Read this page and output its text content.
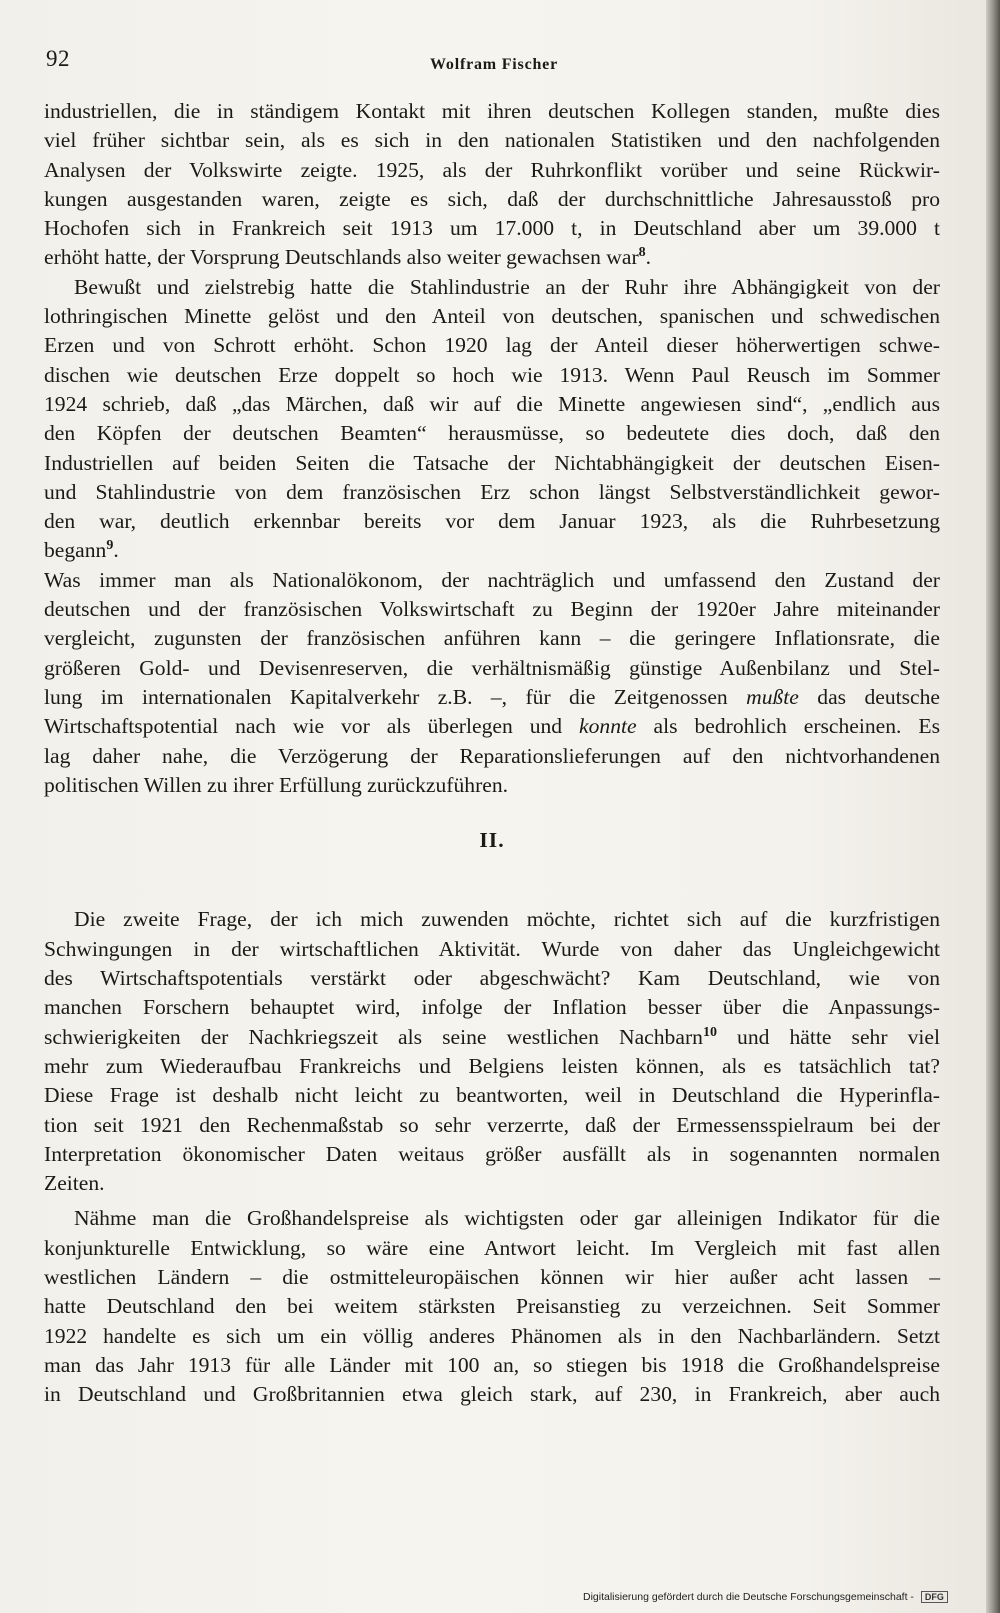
92	Wolfram Fischer
industriellen, die in ständigem Kontakt mit ihren deutschen Kollegen standen, mußte dies
viel früher sichtbar sein, als es sich in den nationalen Statistiken und den nachfolgenden
Analysen der Volkswirte zeigte. 1925, als der Ruhrkonflikt vorüber und seine Rückwir-
kungen ausgestanden waren, zeigte es sich, daß der durchschnittliche Jahresausstoß pro
Hochofen sich in Frankreich seit 1913 um 17.000 t, in Deutschland aber um 39.000 t
erhöht hatte, der Vorsprung Deutschlands also weiter gewachsen war$^8$.
Bewußt und zielstrebig hatte die Stahlindustrie an der Ruhr ihre Abhängigkeit von der
lothringischen Minette gelöst und den Anteil von deutschen, spanischen und schwedischen
Erzen und von Schrott erhöht. Schon 1920 lag der Anteil dieser höherwertigen schwe-
dischen wie deutschen Erze doppelt so hoch wie 1913. Wenn Paul Reusch im Sommer
1924 schrieb, daß „das Märchen, daß wir auf die Minette angewiesen sind“, „endlich aus
den Köpfen der deutschen Beamten“ herausmüsse, so bedeutete dies doch, daß den
Industriellen auf beiden Seiten die Tatsache der Nichtabhängigkeit der deutschen Eisen-
und Stahlindustrie von dem französischen Erz schon längst Selbstverständlichkeit gewor-
den war, deutlich erkennbar bereits vor dem Januar 1923, als die Ruhrbesetzung
begann$^9$.
Was immer man als Nationalökonom, der nachträglich und umfassend den Zustand der
deutschen und der französischen Volkswirtschaft zu Beginn der 1920er Jahre miteinander
vergleicht, zugunsten der französischen anführen kann – die geringere Inflationsrate, die
größeren Gold- und Devisenreserven, die verhältnismäßig günstige Außenbilanz und Stel-
lung im internationalen Kapitalverkehr z.B. –, für die Zeitgenossen mußte das deutsche
Wirtschaftspotential nach wie vor als überlegen und konnte als bedrohlich erscheinen. Es
lag daher nahe, die Verzögerung der Reparationslieferungen auf den nichtvorhandenen
politischen Willen zu ihrer Erfüllung zurückzuführen.
II.
Die zweite Frage, der ich mich zuwenden möchte, richtet sich auf die kurzfristigen
Schwingungen in der wirtschaftlichen Aktivität. Wurde von daher das Ungleichgewicht
des Wirtschaftspotentials verstärkt oder abgeschwächt? Kam Deutschland, wie von
manchen Forschern behauptet wird, infolge der Inflation besser über die Anpassungs-
schwierigkeiten der Nachkriegszeit als seine westlichen Nachbarn$^{10}$ und hätte sehr viel
mehr zum Wiederaufbau Frankreichs und Belgiens leisten können, als es tatsächlich tat?
Diese Frage ist deshalb nicht leicht zu beantworten, weil in Deutschland die Hyperinfla-
tion seit 1921 den Rechenmaßstab so sehr verzerrte, daß der Ermessensspielraum bei der
Interpretation ökonomischer Daten weitaus größer ausfällt als in sogenannten normalen
Zeiten.
Nähme man die Großhandelspreise als wichtigsten oder gar alleinigen Indikator für die
konjunkturelle Entwicklung, so wäre eine Antwort leicht. Im Vergleich mit fast allen
westlichen Ländern – die ostmitteleuropäischen können wir hier außer acht lassen –
hatte Deutschland den bei weitem stärksten Preisanstieg zu verzeichnen. Seit Sommer
1922 handelte es sich um ein völlig anderes Phänomen als in den Nachbarländern. Setzt
man das Jahr 1913 für alle Länder mit 100 an, so stiegen bis 1918 die Großhandelspreise
in Deutschland und Großbritannien etwa gleich stark, auf 230, in Frankreich, aber auch
Digitalisierung gefördert durch die Deutsche Forschungsgemeinschaft - DFG
